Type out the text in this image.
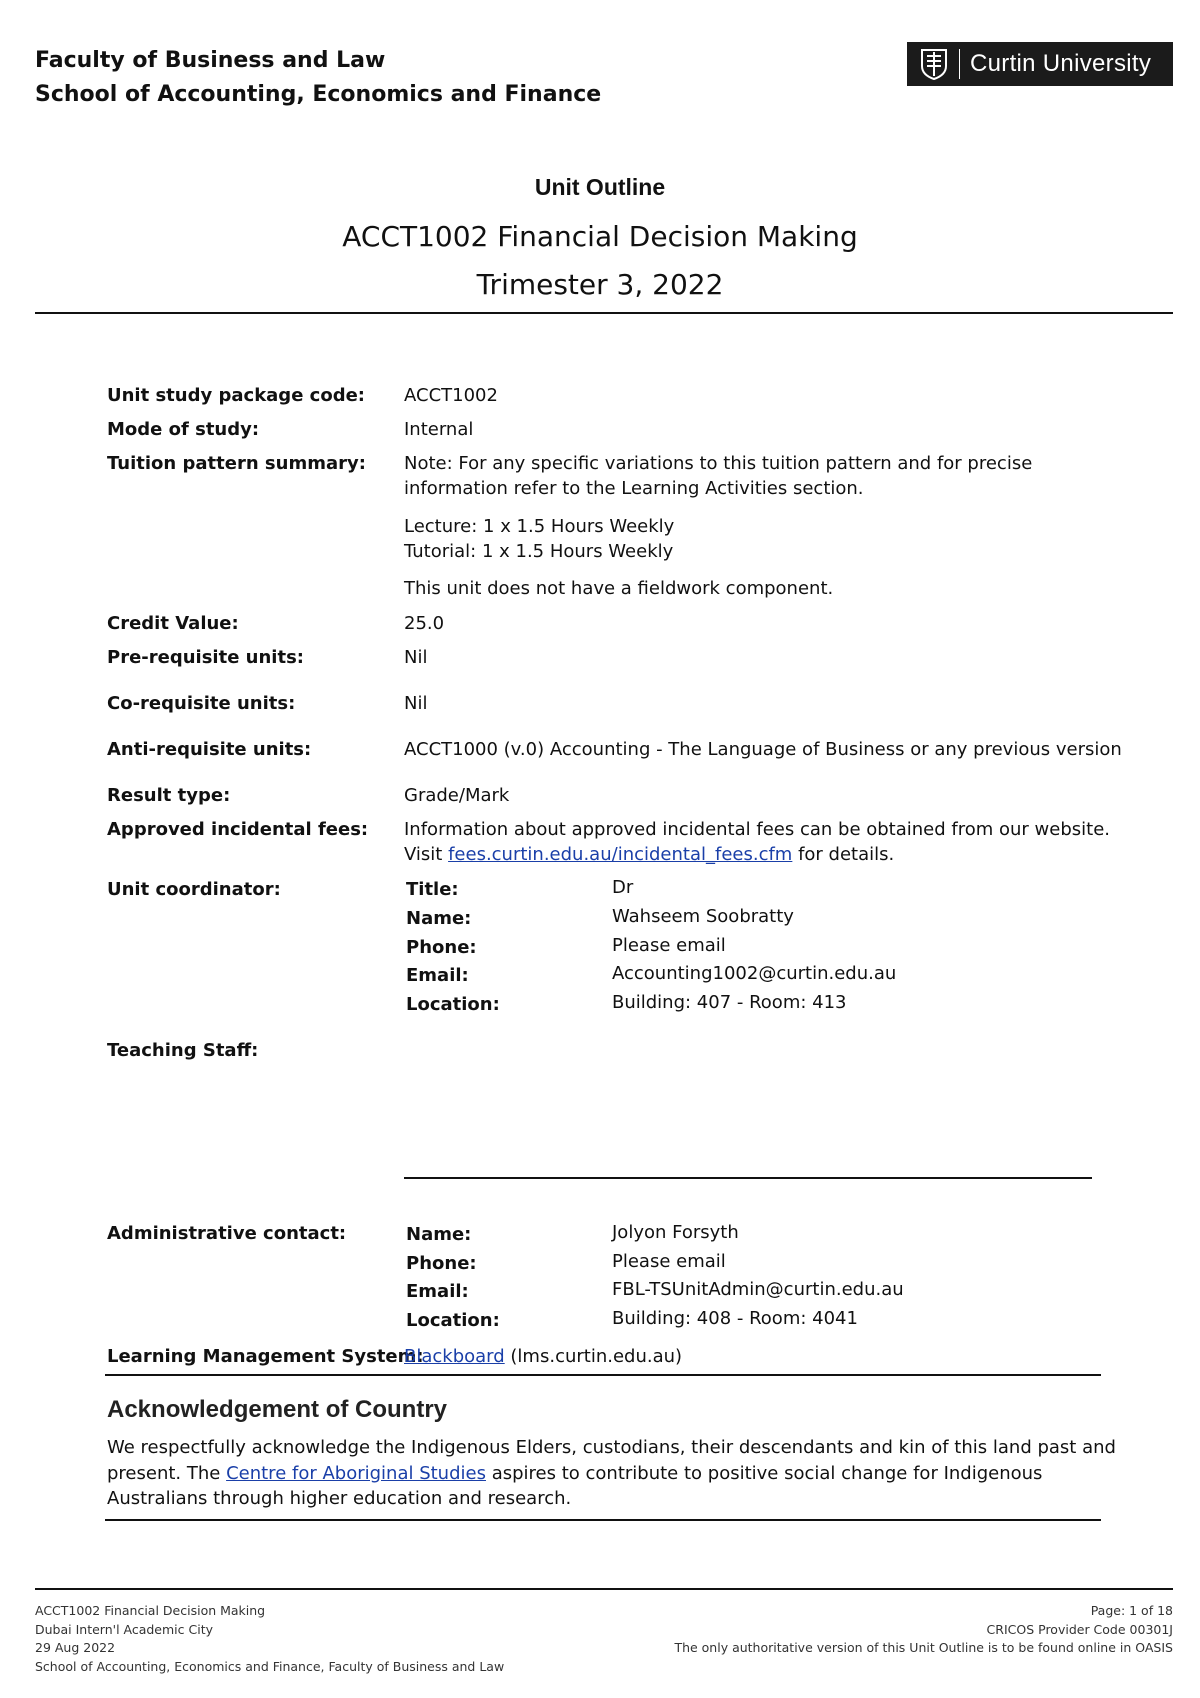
Faculty of Business and Law
School of Accounting, Economics and Finance
Curtin University
Unit Outline
ACCT1002 Financial Decision Making
Trimester 3, 2022
Unit study package code: ACCT1002
Mode of study:	Internal
Tuition pattern summary: Note: For any specific variations to this tuition pattern and for precise
information refer to the Learning Activities section.
Lecture: 1 x 1.5 Hours Weekly
Tutorial: 1 x 1.5 Hours Weekly
This unit does not have a fieldwork component.
Credit Value:	25.0
Pre-requisite units:	Nil
Co-requisite units:	Nil
Anti-requisite units:	ACCT1000 (v.0) Accounting - The Language of Business or any previous version
Result type:	Grade/Mark
Approved incidental fees: Information about approved incidental fees can be obtained from our website.
Visit fees.curtin.edu.au/incidental_fees.cfm for details.
Unit coordinator:	Title:	Dr
Name:	Wahseem Soobratty
Phone:	Please email
Email:	Accounting1002@curtin.edu.au
Location:	Building: 407 - Room: 413
Teaching Staff:
Administrative contact:	Name:	Jolyon Forsyth
Phone:	Please email
Email:	FBL-TSUnitAdmin@curtin.edu.au
Location:	Building: 408 - Room: 4041
Learning Management System:
Blackboard (lms.curtin.edu.au)
Acknowledgement of Country
We respectfully acknowledge the Indigenous Elders, custodians, their descendants and kin of this land past and
present. The Centre for Aboriginal Studies aspires to contribute to positive social change for Indigenous
Australians through higher education and research.
ACCT1002 Financial Decision Making
Dubai Intern'l Academic City
29 Aug 2022
School of Accounting, Economics and Finance, Faculty of Business and Law
Page: 1 of 18
CRICOS Provider Code 00301J
The only authoritative version of this Unit Outline is to be found online in OASIS
